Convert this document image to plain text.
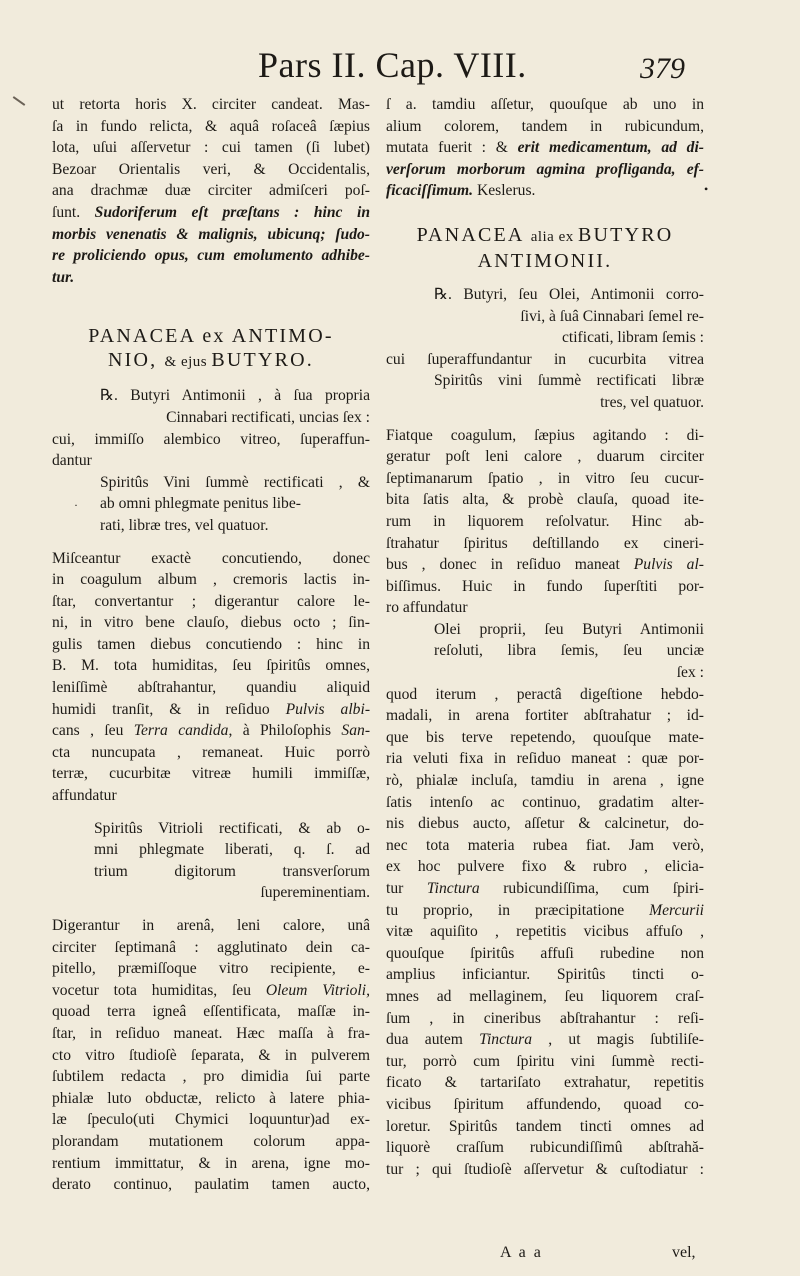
Pars II. Cap. VIII.	379
•
·
ut retorta horis X. circiter candeat. Mas-
ſa in fundo relicta, & aquâ roſaceâ ſæpius
lota, uſui aſſervetur : cui tamen (ſi lubet)
Bezoar Orientalis veri, & Occidentalis,
ana drachmæ duæ circiter admiſceri poſ-
ſunt. Sudoriferum eſt præſtans : hinc in
morbis venenatis & malignis, ubicunq; ſudo-
re proliciendo opus, cum emolumento adhibe-
tur.
PANACEA ex ANTIMO-
NIO, & ejus BUTYRO.
℞. Butyri Antimonii , à ſua propria
Cinnabari rectificati, uncias ſex :
cui, immiſſo alembico vitreo, ſuperaffun-
dantur
Spiritûs Vini ſummè rectificati , &
ab omni phlegmate penitus libe-
rati, libræ tres, vel quatuor.
Miſceantur exactè concutiendo, donec
in coagulum album , cremoris lactis in-
ſtar, convertantur ; digerantur calore le-
ni, in vitro bene clauſo, diebus octo ; ſin-
gulis tamen diebus concutiendo : hinc in
B. M. tota humiditas, ſeu ſpiritûs omnes,
leniſſimè abſtrahantur, quandiu aliquid
humidi tranſit, & in reſiduo Pulvis albi-
cans , ſeu Terra candida, à Philoſophis San-
cta nuncupata , remaneat. Huic porrò
terræ, cucurbitæ vitreæ humili immiſſæ,
affundatur
Spiritûs Vitrioli rectificati, & ab o-
mni phlegmate liberati, q. ſ. ad
trium digitorum transverſorum
ſupereminentiam.
Digerantur in arenâ, leni calore, unâ
circiter ſeptimanâ : agglutinato dein ca-
pitello, præmiſſoque vitro recipiente, e-
vocetur tota humiditas, ſeu Oleum Vitrioli,
quoad terra igneâ eſſentificata, maſſæ in-
ſtar, in reſiduo maneat. Hæc maſſa à fra-
cto vitro ſtudioſè ſeparata, & in pulverem
ſubtilem redacta , pro dimidia ſui parte
phialæ luto obductæ, relicto à latere phia-
læ ſpeculo(uti Chymici loquuntur)ad ex-
plorandam mutationem colorum appa-
rentium immittatur, & in arena, igne mo-
derato continuo, paulatim tamen aucto,
ſ a. tamdiu aſſetur, quouſque ab uno in
alium colorem, tandem in rubicundum,
mutata fuerit : & erit medicamentum, ad di-
verſorum morborum agmina profliganda, ef-
ficaciſſimum. Keslerus.
PANACEA alia ex BUTYRO
ANTIMONII.
℞. Butyri, ſeu Olei, Antimonii corro-
ſivi, à ſuâ Cinnabari ſemel re-
ctificati, libram ſemis :
cui ſuperaffundantur in cucurbita vitrea
Spiritûs vini ſummè rectificati libræ
tres, vel quatuor.
Fiatque coagulum, ſæpius agitando : di-
geratur poſt leni calore , duarum circiter
ſeptimanarum ſpatio , in vitro ſeu cucur-
bita ſatis alta, & probè clauſa, quoad ite-
rum in liquorem reſolvatur. Hinc ab-
ſtrahatur ſpiritus deſtillando ex cineri-
bus , donec in reſiduo maneat Pulvis al-
biſſimus. Huic in fundo ſuperſtiti por-
ro affundatur
Olei proprii, ſeu Butyri Antimonii
reſoluti, libra ſemis, ſeu unciæ
ſex :
quod iterum , peractâ digeſtione hebdo-
madali, in arena fortiter abſtrahatur ; id-
que bis terve repetendo, quouſque mate-
ria veluti fixa in reſiduo maneat : quæ por-
rò, phialæ incluſa, tamdiu in arena , igne
ſatis intenſo ac continuo, gradatim alter-
nis diebus aucto, aſſetur & calcinetur, do-
nec tota materia rubea fiat. Jam verò,
ex hoc pulvere fixo & rubro , elicia-
tur Tinctura rubicundiſſima, cum ſpiri-
tu proprio, in præcipitatione Mercurii
vitæ aquiſito , repetitis vicibus affuſo ,
quouſque ſpiritûs affuſi rubedine non
amplius inficiantur. Spiritûs tincti o-
mnes ad mellaginem, ſeu liquorem craſ-
ſum , in cineribus abſtrahantur : reſi-
dua autem Tinctura , ut magis ſubtiliſe-
tur, porrò cum ſpiritu vini ſummè recti-
ficato & tartariſato extrahatur, repetitis
vicibus ſpiritum affundendo, quoad co-
loretur. Spiritûs tandem tincti omnes ad
liquorè craſſum rubicundiſſimû abſtrahă-
tur ; qui ſtudioſè aſſervetur & cuſtodiatur :
A a a	vel,
